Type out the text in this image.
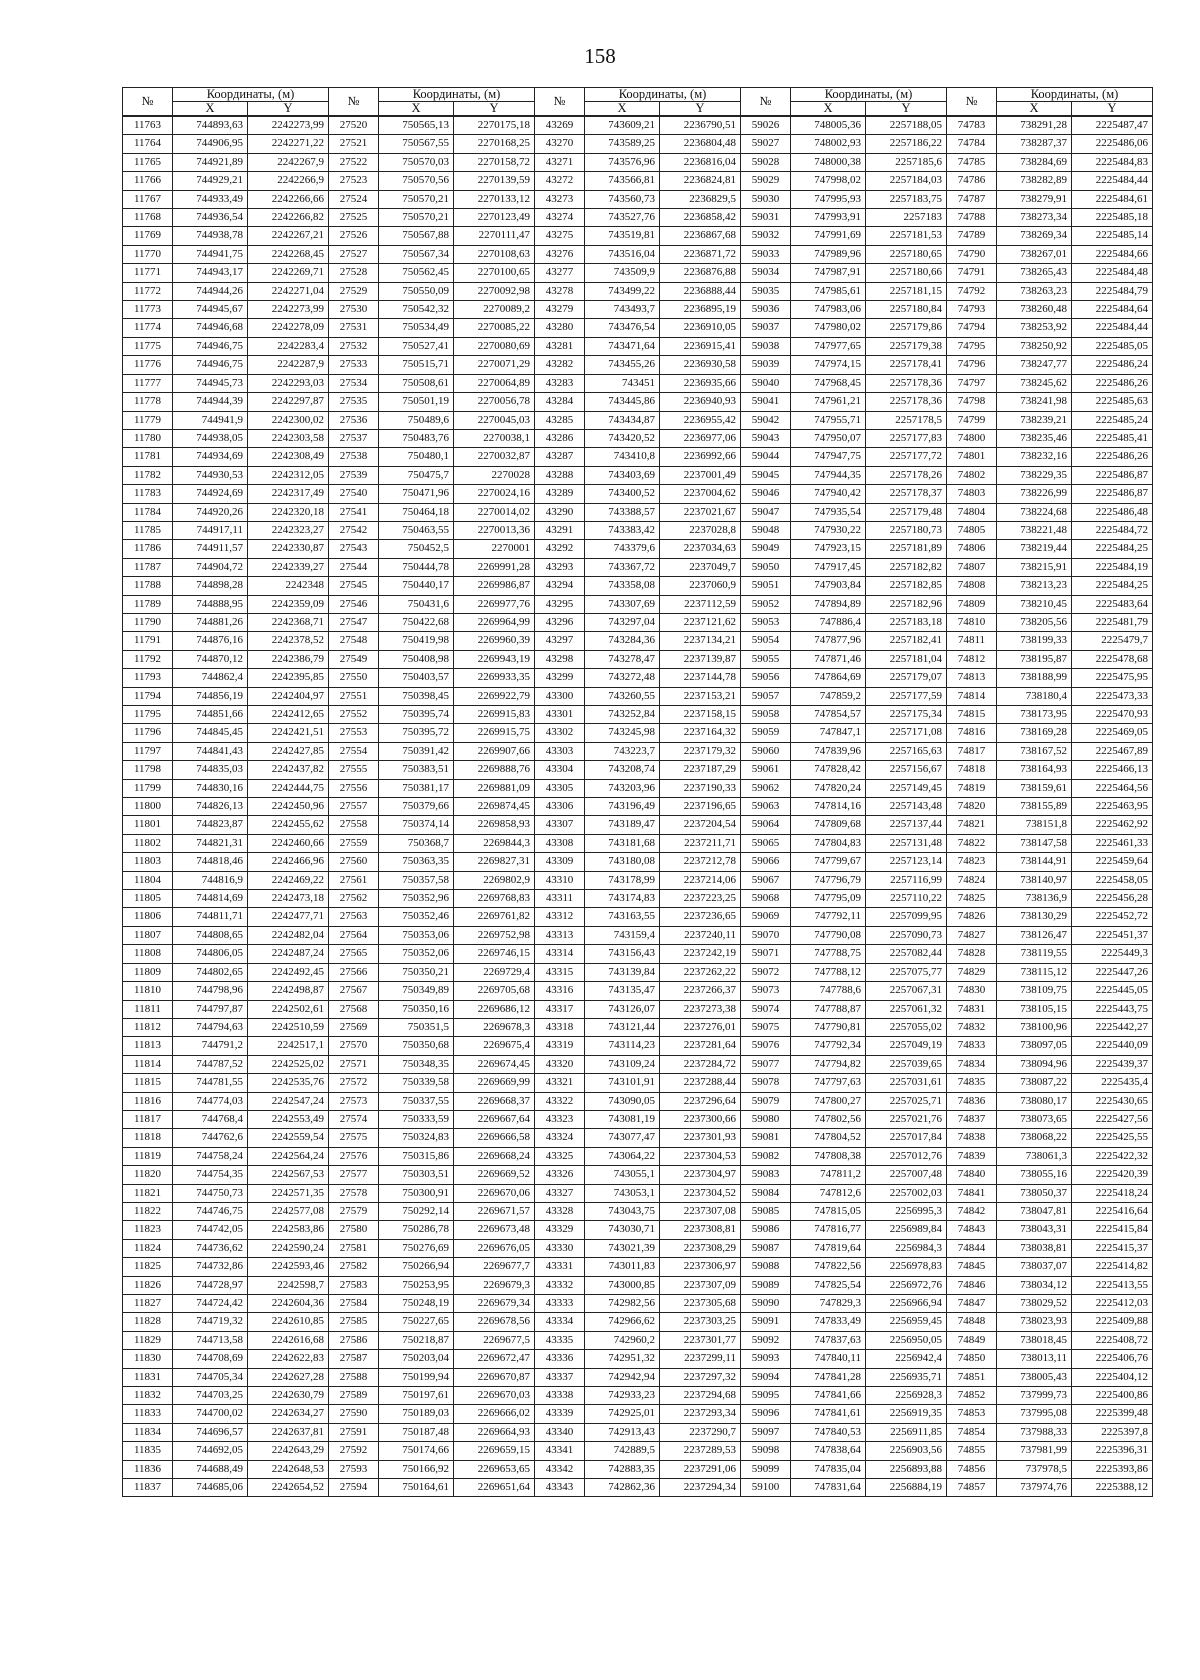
158
№	Координаты, (м)		№	Координаты, (м)		№	Координаты, (м)		№	Координаты, (м)		№	Координаты, (м)	
	X	Y		X	Y		X	Y		X	Y		X	Y
11763	744893,63	2242273,99	27520	750565,13	2270175,18	43269	743609,21	2236790,51	59026	748005,36	2257188,05	74783	738291,28	2225487,47
11764	744906,95	2242271,22	27521	750567,55	2270168,25	43270	743589,25	2236804,48	59027	748002,93	2257186,22	74784	738287,37	2225486,06
11765	744921,89	2242267,9	27522	750570,03	2270158,72	43271	743576,96	2236816,04	59028	748000,38	2257185,6	74785	738284,69	2225484,83
11766	744929,21	2242266,9	27523	750570,56	2270139,59	43272	743566,81	2236824,81	59029	747998,02	2257184,03	74786	738282,89	2225484,44
11767	744933,49	2242266,66	27524	750570,21	2270133,12	43273	743560,73	2236829,5	59030	747995,93	2257183,75	74787	738279,91	2225484,61
11768	744936,54	2242266,82	27525	750570,21	2270123,49	43274	743527,76	2236858,42	59031	747993,91	2257183	74788	738273,34	2225485,18
11769	744938,78	2242267,21	27526	750567,88	2270111,47	43275	743519,81	2236867,68	59032	747991,69	2257181,53	74789	738269,34	2225485,14
11770	744941,75	2242268,45	27527	750567,34	2270108,63	43276	743516,04	2236871,72	59033	747989,96	2257180,65	74790	738267,01	2225484,66
11771	744943,17	2242269,71	27528	750562,45	2270100,65	43277	743509,9	2236876,88	59034	747987,91	2257180,66	74791	738265,43	2225484,48
11772	744944,26	2242271,04	27529	750550,09	2270092,98	43278	743499,22	2236888,44	59035	747985,61	2257181,15	74792	738263,23	2225484,79
11773	744945,67	2242273,99	27530	750542,32	2270089,2	43279	743493,7	2236895,19	59036	747983,06	2257180,84	74793	738260,48	2225484,64
11774	744946,68	2242278,09	27531	750534,49	2270085,22	43280	743476,54	2236910,05	59037	747980,02	2257179,86	74794	738253,92	2225484,44
11775	744946,75	2242283,4	27532	750527,41	2270080,69	43281	743471,64	2236915,41	59038	747977,65	2257179,38	74795	738250,92	2225485,05
11776	744946,75	2242287,9	27533	750515,71	2270071,29	43282	743455,26	2236930,58	59039	747974,15	2257178,41	74796	738247,77	2225486,24
11777	744945,73	2242293,03	27534	750508,61	2270064,89	43283	743451	2236935,66	59040	747968,45	2257178,36	74797	738245,62	2225486,26
11778	744944,39	2242297,87	27535	750501,19	2270056,78	43284	743445,86	2236940,93	59041	747961,21	2257178,36	74798	738241,98	2225485,63
11779	744941,9	2242300,02	27536	750489,6	2270045,03	43285	743434,87	2236955,42	59042	747955,71	2257178,5	74799	738239,21	2225485,24
11780	744938,05	2242303,58	27537	750483,76	2270038,1	43286	743420,52	2236977,06	59043	747950,07	2257177,83	74800	738235,46	2225485,41
11781	744934,69	2242308,49	27538	750480,1	2270032,87	43287	743410,8	2236992,66	59044	747947,75	2257177,72	74801	738232,16	2225486,26
11782	744930,53	2242312,05	27539	750475,7	2270028	43288	743403,69	2237001,49	59045	747944,35	2257178,26	74802	738229,35	2225486,87
11783	744924,69	2242317,49	27540	750471,96	2270024,16	43289	743400,52	2237004,62	59046	747940,42	2257178,37	74803	738226,99	2225486,87
11784	744920,26	2242320,18	27541	750464,18	2270014,02	43290	743388,57	2237021,67	59047	747935,54	2257179,48	74804	738224,68	2225486,48
11785	744917,11	2242323,27	27542	750463,55	2270013,36	43291	743383,42	2237028,8	59048	747930,22	2257180,73	74805	738221,48	2225484,72
11786	744911,57	2242330,87	27543	750452,5	2270001	43292	743379,6	2237034,63	59049	747923,15	2257181,89	74806	738219,44	2225484,25
11787	744904,72	2242339,27	27544	750444,78	2269991,28	43293	743367,72	2237049,7	59050	747917,45	2257182,82	74807	738215,91	2225484,19
11788	744898,28	2242348	27545	750440,17	2269986,87	43294	743358,08	2237060,9	59051	747903,84	2257182,85	74808	738213,23	2225484,25
11789	744888,95	2242359,09	27546	750431,6	2269977,76	43295	743307,69	2237112,59	59052	747894,89	2257182,96	74809	738210,45	2225483,64
11790	744881,26	2242368,71	27547	750422,68	2269964,99	43296	743297,04	2237121,62	59053	747886,4	2257183,18	74810	738205,56	2225481,79
11791	744876,16	2242378,52	27548	750419,98	2269960,39	43297	743284,36	2237134,21	59054	747877,96	2257182,41	74811	738199,33	2225479,7
11792	744870,12	2242386,79	27549	750408,98	2269943,19	43298	743278,47	2237139,87	59055	747871,46	2257181,04	74812	738195,87	2225478,68
11793	744862,4	2242395,85	27550	750403,57	2269933,35	43299	743272,48	2237144,78	59056	747864,69	2257179,07	74813	738188,99	2225475,95
11794	744856,19	2242404,97	27551	750398,45	2269922,79	43300	743260,55	2237153,21	59057	747859,2	2257177,59	74814	738180,4	2225473,33
11795	744851,66	2242412,65	27552	750395,74	2269915,83	43301	743252,84	2237158,15	59058	747854,57	2257175,34	74815	738173,95	2225470,93
11796	744845,45	2242421,51	27553	750395,72	2269915,75	43302	743245,98	2237164,32	59059	747847,1	2257171,08	74816	738169,28	2225469,05
11797	744841,43	2242427,85	27554	750391,42	2269907,66	43303	743223,7	2237179,32	59060	747839,96	2257165,63	74817	738167,52	2225467,89
11798	744835,03	2242437,82	27555	750383,51	2269888,76	43304	743208,74	2237187,29	59061	747828,42	2257156,67	74818	738164,93	2225466,13
11799	744830,16	2242444,75	27556	750381,17	2269881,09	43305	743203,96	2237190,33	59062	747820,24	2257149,45	74819	738159,61	2225464,56
11800	744826,13	2242450,96	27557	750379,66	2269874,45	43306	743196,49	2237196,65	59063	747814,16	2257143,48	74820	738155,89	2225463,95
11801	744823,87	2242455,62	27558	750374,14	2269858,93	43307	743189,47	2237204,54	59064	747809,68	2257137,44	74821	738151,8	2225462,92
11802	744821,31	2242460,66	27559	750368,7	2269844,3	43308	743181,68	2237211,71	59065	747804,83	2257131,48	74822	738147,58	2225461,33
11803	744818,46	2242466,96	27560	750363,35	2269827,31	43309	743180,08	2237212,78	59066	747799,67	2257123,14	74823	738144,91	2225459,64
11804	744816,9	2242469,22	27561	750357,58	2269802,9	43310	743178,99	2237214,06	59067	747796,79	2257116,99	74824	738140,97	2225458,05
11805	744814,69	2242473,18	27562	750352,96	2269768,83	43311	743174,83	2237223,25	59068	747795,09	2257110,22	74825	738136,9	2225456,28
11806	744811,71	2242477,71	27563	750352,46	2269761,82	43312	743163,55	2237236,65	59069	747792,11	2257099,95	74826	738130,29	2225452,72
11807	744808,65	2242482,04	27564	750353,06	2269752,98	43313	743159,4	2237240,11	59070	747790,08	2257090,73	74827	738126,47	2225451,37
11808	744806,05	2242487,24	27565	750352,06	2269746,15	43314	743156,43	2237242,19	59071	747788,75	2257082,44	74828	738119,55	2225449,3
11809	744802,65	2242492,45	27566	750350,21	2269729,4	43315	743139,84	2237262,22	59072	747788,12	2257075,77	74829	738115,12	2225447,26
11810	744798,96	2242498,87	27567	750349,89	2269705,68	43316	743135,47	2237266,37	59073	747788,6	2257067,31	74830	738109,75	2225445,05
11811	744797,87	2242502,61	27568	750350,16	2269686,12	43317	743126,07	2237273,38	59074	747788,87	2257061,32	74831	738105,15	2225443,75
11812	744794,63	2242510,59	27569	750351,5	2269678,3	43318	743121,44	2237276,01	59075	747790,81	2257055,02	74832	738100,96	2225442,27
11813	744791,2	2242517,1	27570	750350,68	2269675,4	43319	743114,23	2237281,64	59076	747792,34	2257049,19	74833	738097,05	2225440,09
11814	744787,52	2242525,02	27571	750348,35	2269674,45	43320	743109,24	2237284,72	59077	747794,82	2257039,65	74834	738094,96	2225439,37
11815	744781,55	2242535,76	27572	750339,58	2269669,99	43321	743101,91	2237288,44	59078	747797,63	2257031,61	74835	738087,22	2225435,4
11816	744774,03	2242547,24	27573	750337,55	2269668,37	43322	743090,05	2237296,64	59079	747800,27	2257025,71	74836	738080,17	2225430,65
11817	744768,4	2242553,49	27574	750333,59	2269667,64	43323	743081,19	2237300,66	59080	747802,56	2257021,76	74837	738073,65	2225427,56
11818	744762,6	2242559,54	27575	750324,83	2269666,58	43324	743077,47	2237301,93	59081	747804,52	2257017,84	74838	738068,22	2225425,55
11819	744758,24	2242564,24	27576	750315,86	2269668,24	43325	743064,22	2237304,53	59082	747808,38	2257012,76	74839	738061,3	2225422,32
11820	744754,35	2242567,53	27577	750303,51	2269669,52	43326	743055,1	2237304,97	59083	747811,2	2257007,48	74840	738055,16	2225420,39
11821	744750,73	2242571,35	27578	750300,91	2269670,06	43327	743053,1	2237304,52	59084	747812,6	2257002,03	74841	738050,37	2225418,24
11822	744746,75	2242577,08	27579	750292,14	2269671,57	43328	743043,75	2237307,08	59085	747815,05	2256995,3	74842	738047,81	2225416,64
11823	744742,05	2242583,86	27580	750286,78	2269673,48	43329	743030,71	2237308,81	59086	747816,77	2256989,84	74843	738043,31	2225415,84
11824	744736,62	2242590,24	27581	750276,69	2269676,05	43330	743021,39	2237308,29	59087	747819,64	2256984,3	74844	738038,81	2225415,37
11825	744732,86	2242593,46	27582	750266,94	2269677,7	43331	743011,83	2237306,97	59088	747822,56	2256978,83	74845	738037,07	2225414,82
11826	744728,97	2242598,7	27583	750253,95	2269679,3	43332	743000,85	2237307,09	59089	747825,54	2256972,76	74846	738034,12	2225413,55
11827	744724,42	2242604,36	27584	750248,19	2269679,34	43333	742982,56	2237305,68	59090	747829,3	2256966,94	74847	738029,52	2225412,03
11828	744719,32	2242610,85	27585	750227,65	2269678,56	43334	742966,62	2237303,25	59091	747833,49	2256959,45	74848	738023,93	2225409,88
11829	744713,58	2242616,68	27586	750218,87	2269677,5	43335	742960,2	2237301,77	59092	747837,63	2256950,05	74849	738018,45	2225408,72
11830	744708,69	2242622,83	27587	750203,04	2269672,47	43336	742951,32	2237299,11	59093	747840,11	2256942,4	74850	738013,11	2225406,76
11831	744705,34	2242627,28	27588	750199,94	2269670,87	43337	742942,94	2237297,32	59094	747841,28	2256935,71	74851	738005,43	2225404,12
11832	744703,25	2242630,79	27589	750197,61	2269670,03	43338	742933,23	2237294,68	59095	747841,66	2256928,3	74852	737999,73	2225400,86
11833	744700,02	2242634,27	27590	750189,03	2269666,02	43339	742925,01	2237293,34	59096	747841,61	2256919,35	74853	737995,08	2225399,48
11834	744696,57	2242637,81	27591	750187,48	2269664,93	43340	742913,43	2237290,7	59097	747840,53	2256911,85	74854	737988,33	2225397,8
11835	744692,05	2242643,29	27592	750174,66	2269659,15	43341	742889,5	2237289,53	59098	747838,64	2256903,56	74855	737981,99	2225396,31
11836	744688,49	2242648,53	27593	750166,92	2269653,65	43342	742883,35	2237291,06	59099	747835,04	2256893,88	74856	737978,5	2225393,86
11837	744685,06	2242654,52	27594	750164,61	2269651,64	43343	742862,36	2237294,34	59100	747831,64	2256884,19	74857	737974,76	2225388,12
